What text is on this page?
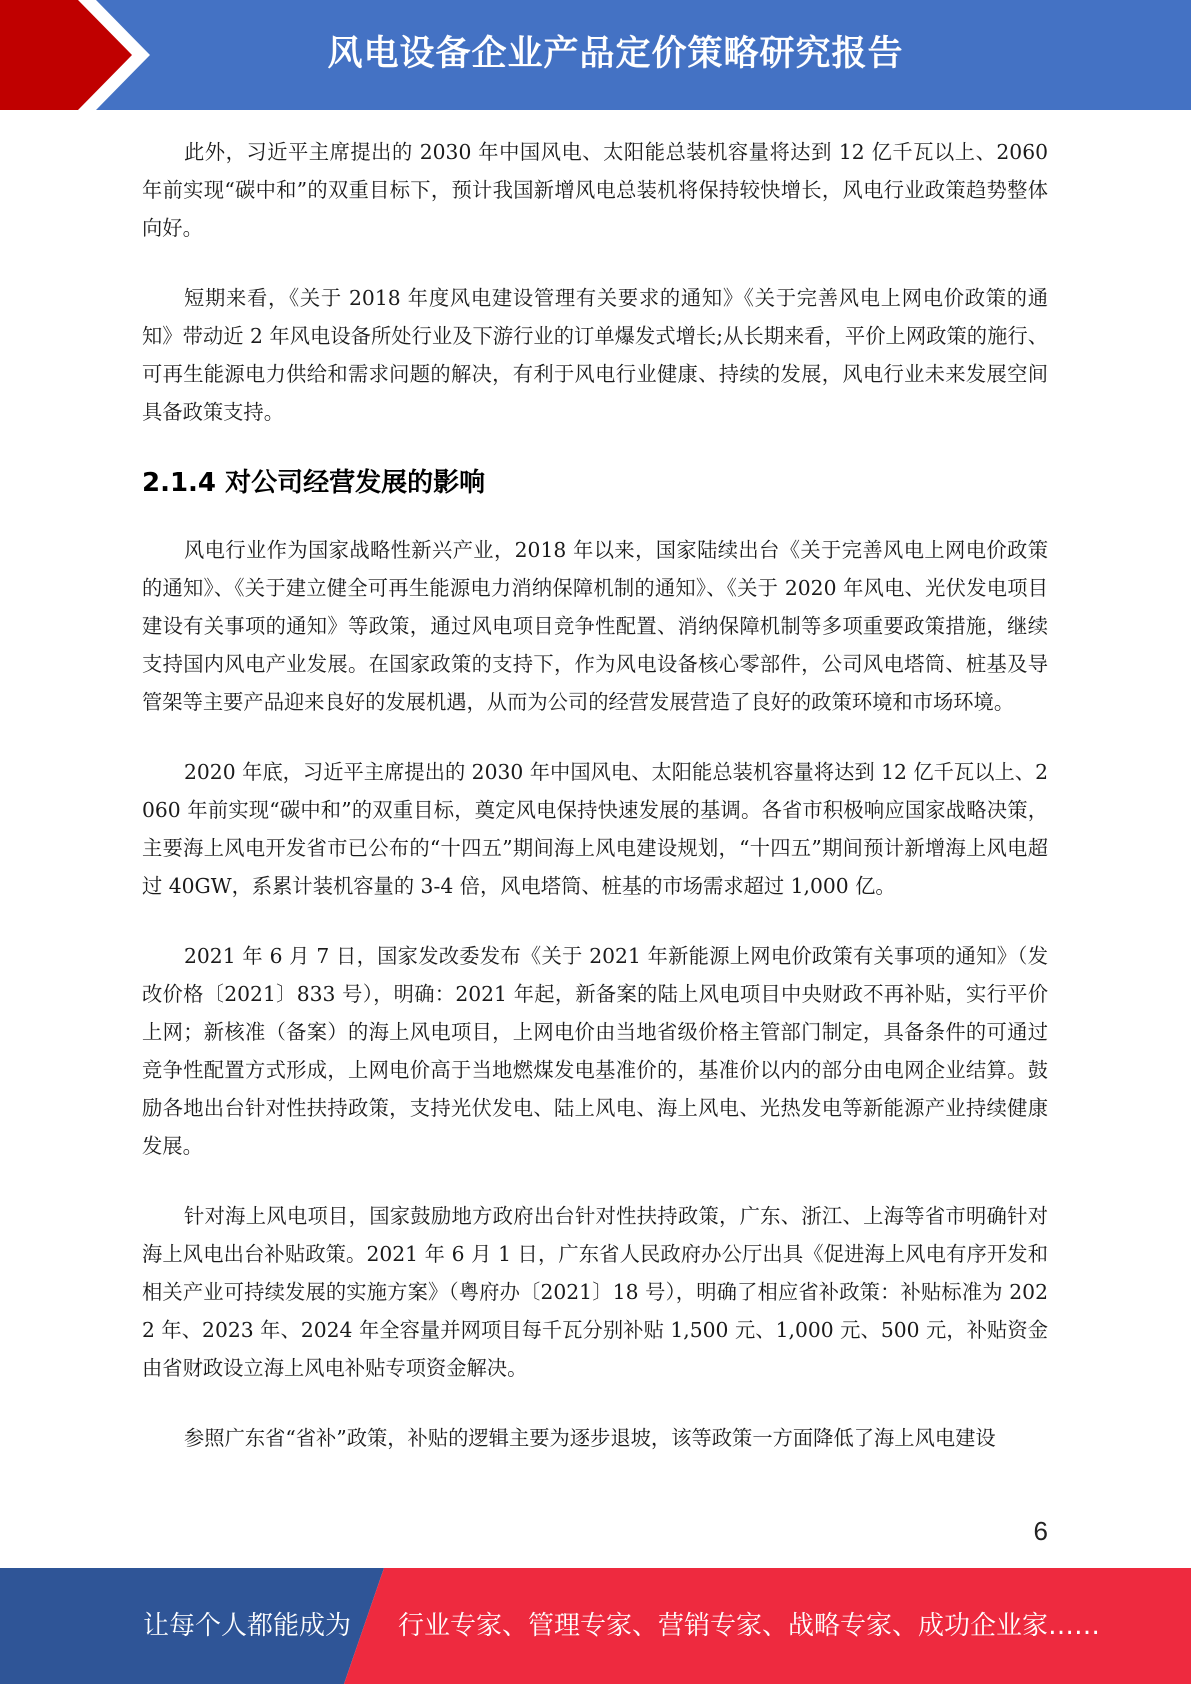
风电设备企业产品定价策略研究报告

此外，习近平主席提出的 2030 年中国风电、太阳能总装机容量将达到 12 亿千瓦以上、2060 年前实现“碳中和”的双重目标下，预计我国新增风电总装机将保持较快增长，风电行业政策趋势整体向好。

短期来看，《关于 2018 年度风电建设管理有关要求的通知》《关于完善风电上网电价政策的通知》带动近 2 年风电设备所处行业及下游行业的订单爆发式增长;从长期来看，平价上网政策的施行、可再生能源电力供给和需求问题的解决，有利于风电行业健康、持续的发展，风电行业未来发展空间具备政策支持。

2.1.4 对公司经营发展的影响

风电行业作为国家战略性新兴产业，2018 年以来，国家陆续出台《关于完善风电上网电价政策的通知》、《关于建立健全可再生能源电力消纳保障机制的通知》、《关于 2020 年风电、光伏发电项目建设有关事项的通知》等政策，通过风电项目竞争性配置、消纳保障机制等多项重要政策措施，继续支持国内风电产业发展。在国家政策的支持下，作为风电设备核心零部件，公司风电塔筒、桩基及导管架等主要产品迎来良好的发展机遇，从而为公司的经营发展营造了良好的政策环境和市场环境。

2020 年底，习近平主席提出的 2030 年中国风电、太阳能总装机容量将达到 12 亿千瓦以上、2060 年前实现“碳中和”的双重目标，奠定风电保持快速发展的基调。各省市积极响应国家战略决策，主要海上风电开发省市已公布的“十四五”期间海上风电建设规划，“十四五”期间预计新增海上风电超过 40GW，系累计装机容量的 3-4 倍，风电塔筒、桩基的市场需求超过 1,000 亿。

2021 年 6 月 7 日，国家发改委发布《关于 2021 年新能源上网电价政策有关事项的通知》（发改价格〔2021〕833 号），明确：2021 年起，新备案的陆上风电项目中央财政不再补贴，实行平价上网；新核准（备案）的海上风电项目，上网电价由当地省级价格主管部门制定，具备条件的可通过竞争性配置方式形成，上网电价高于当地燃煤发电基准价的，基准价以内的部分由电网企业结算。鼓励各地出台针对性扶持政策，支持光伏发电、陆上风电、海上风电、光热发电等新能源产业持续健康发展。

针对海上风电项目，国家鼓励地方政府出台针对性扶持政策，广东、浙江、上海等省市明确针对海上风电出台补贴政策。2021 年 6 月 1 日，广东省人民政府办公厅出具《促进海上风电有序开发和相关产业可持续发展的实施方案》（粤府办〔2021〕18 号），明确了相应省补政策：补贴标准为 2022 年、2023 年、2024 年全容量并网项目每千瓦分别补贴 1,500 元、1,000 元、500 元，补贴资金由省财政设立海上风电补贴专项资金解决。

参照广东省“省补”政策，补贴的逻辑主要为逐步退坡，该等政策一方面降低了海上风电建设

6
让每个人都能成为 行业专家、管理专家、营销专家、战略专家、成功企业家……
